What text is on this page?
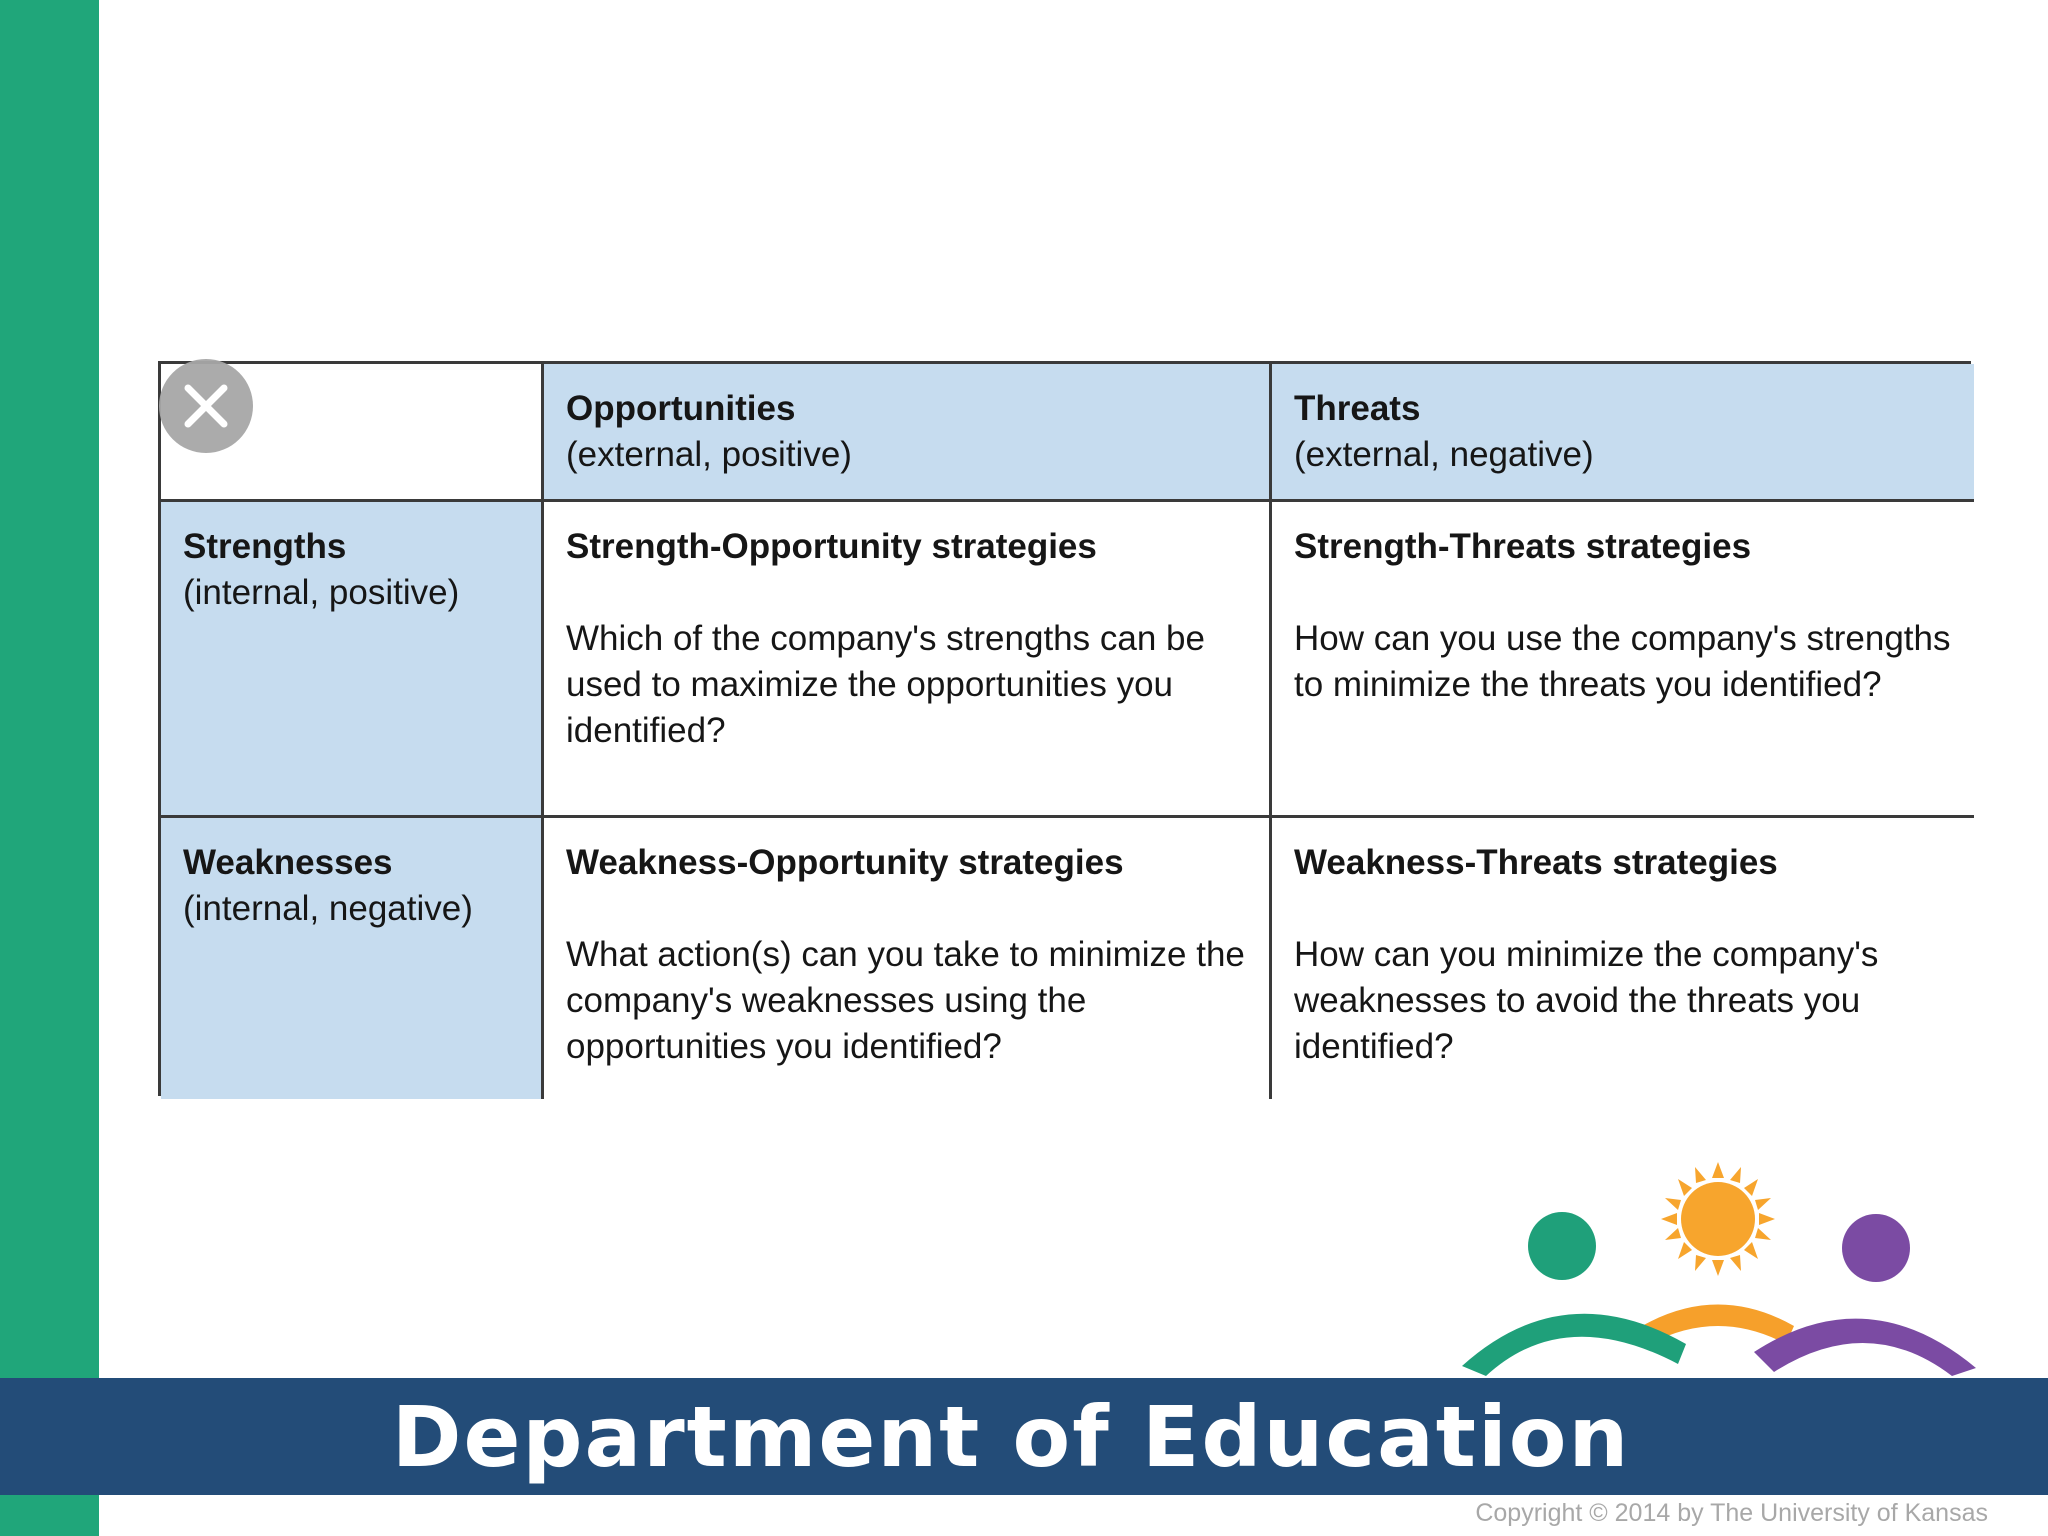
Opportunities
(external, positive)
Threats
(external, negative)
Strengths
(internal, positive)
Strength-Opportunity strategies
Which of the company's strengths can be used to maximize the opportunities you identified?
Strength-Threats strategies
How can you use the company's strengths to minimize the threats you identified?
Weaknesses
(internal, negative)
Weakness-Opportunity strategies
What action(s) can you take to minimize the company's weaknesses using the opportunities you identified?
Weakness-Threats strategies
How can you minimize the company's weaknesses to avoid the threats you identified?
Department of Education
Copyright © 2014 by The University of Kansas
